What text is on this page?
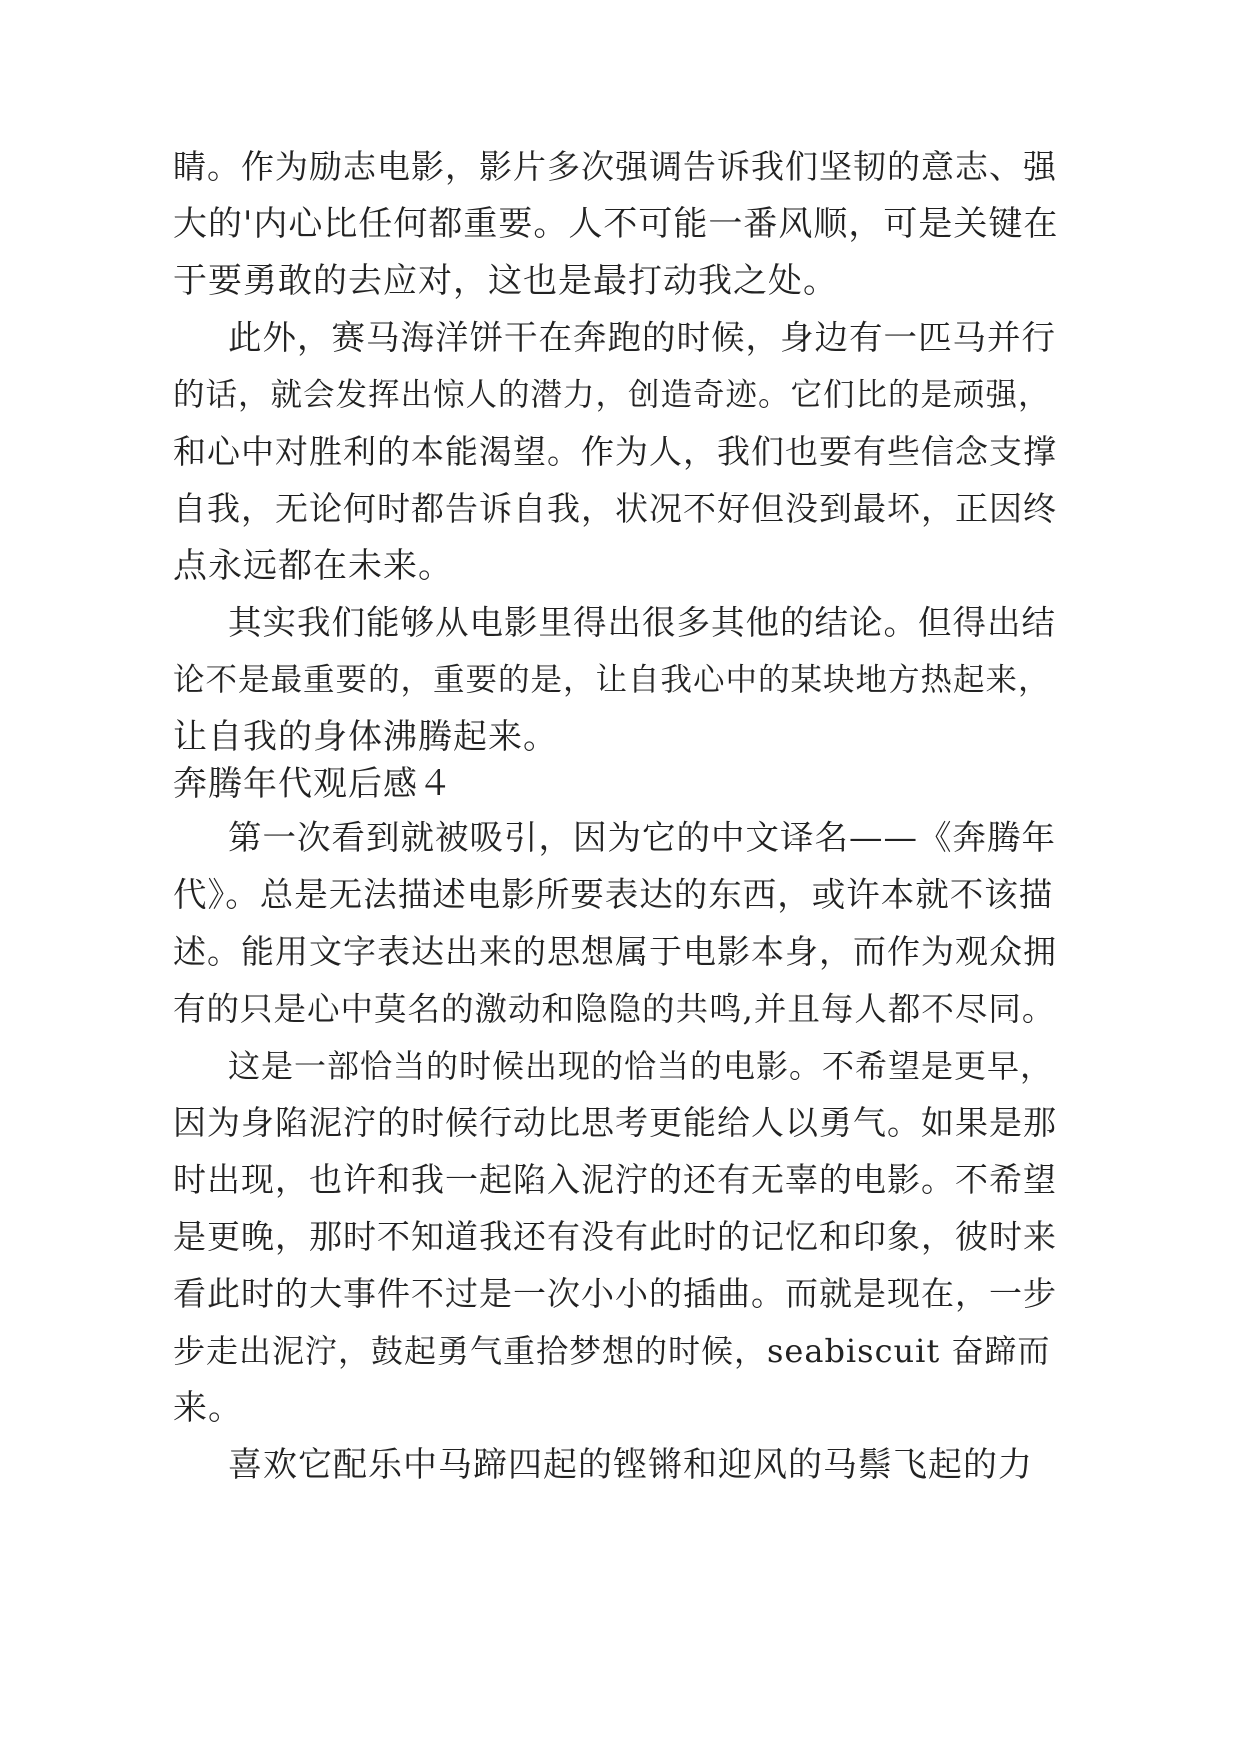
睛。作为励志电影，影片多次强调告诉我们坚韧的意志、强
大的'内心比任何都重要。人不可能一番风顺，可是关键在
于要勇敢的去应对，这也是最打动我之处。
此外，赛马海洋饼干在奔跑的时候，身边有一匹马并行
的话，就会发挥出惊人的潜力，创造奇迹。它们比的是顽强，
和心中对胜利的本能渴望。作为人，我们也要有些信念支撑
自我，无论何时都告诉自我，状况不好但没到最坏，正因终
点永远都在未来。
其实我们能够从电影里得出很多其他的结论。但得出结
论不是最重要的，重要的是，让自我心中的某块地方热起来，
让自我的身体沸腾起来。
奔腾年代观后感４
第一次看到就被吸引，因为它的中文译名——《奔腾年
代》。总是无法描述电影所要表达的东西，或许本就不该描
述。能用文字表达出来的思想属于电影本身，而作为观众拥
有的只是心中莫名的激动和隐隐的共鸣,并且每人都不尽同。
这是一部恰当的时候出现的恰当的电影。不希望是更早，
因为身陷泥泞的时候行动比思考更能给人以勇气。如果是那
时出现，也许和我一起陷入泥泞的还有无辜的电影。不希望
是更晚，那时不知道我还有没有此时的记忆和印象，彼时来
看此时的大事件不过是一次小小的插曲。而就是现在，一步
步走出泥泞，鼓起勇气重拾梦想的时候，seabiscuit 奋蹄而
来。
喜欢它配乐中马蹄四起的铿锵和迎风的马鬃飞起的力
